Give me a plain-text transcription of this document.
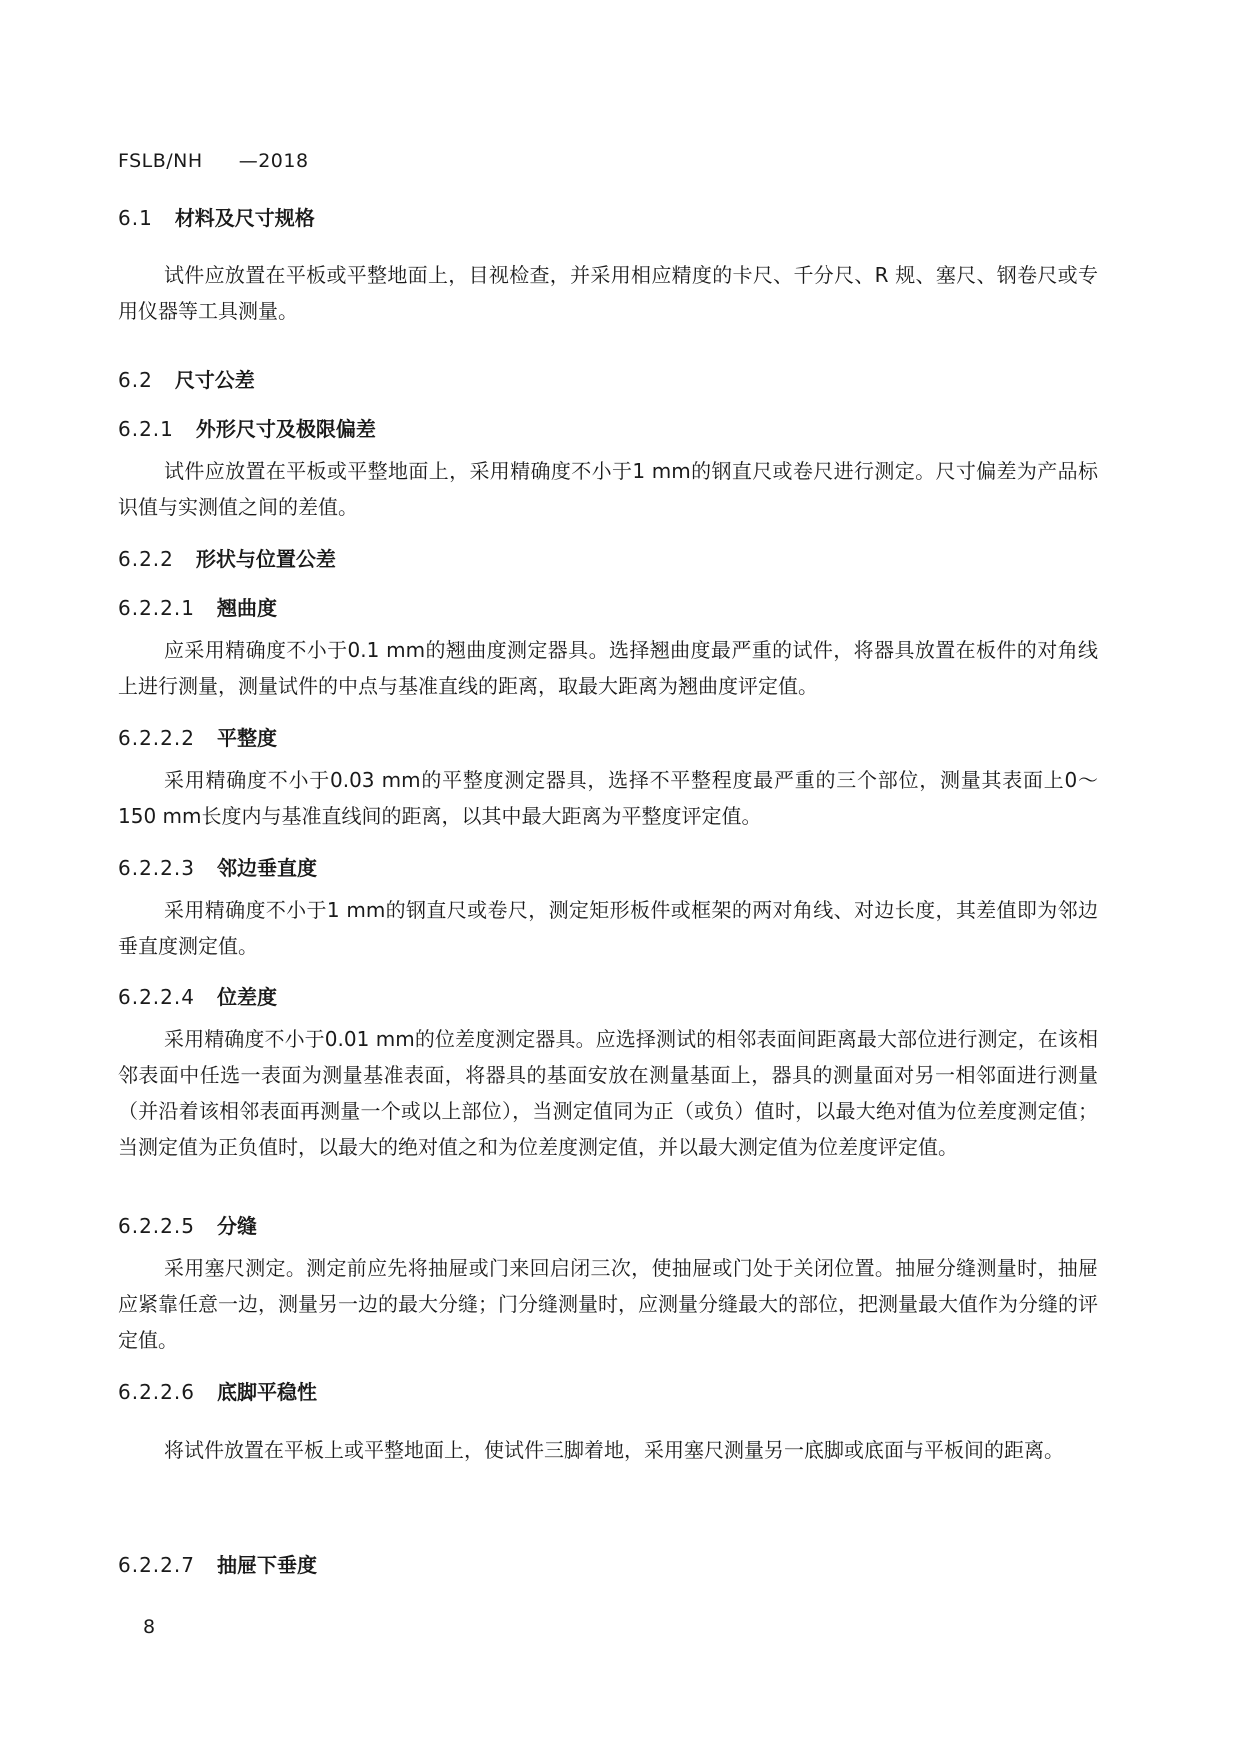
FSLB/NH —2018
6.1 材料及尺寸规格

试件应放置在平板或平整地面上，目视检查，并采用相应精度的卡尺、千分尺、R 规、塞尺、钢卷尺或专用仪器等工具测量。

6.2 尺寸公差
6.2.1 外形尺寸及极限偏差

试件应放置在平板或平整地面上，采用精确度不小于1 mm的钢直尺或卷尺进行测定。尺寸偏差为产品标识值与实测值之间的差值。

6.2.2 形状与位置公差
6.2.2.1 翘曲度

应采用精确度不小于0.1 mm的翘曲度测定器具。选择翘曲度最严重的试件，将器具放置在板件的对角线上进行测量，测量试件的中点与基准直线的距离，取最大距离为翘曲度评定值。

6.2.2.2 平整度

采用精确度不小于0.03 mm的平整度测定器具，选择不平整程度最严重的三个部位，测量其表面上0～150 mm长度内与基准直线间的距离，以其中最大距离为平整度评定值。

6.2.2.3 邻边垂直度

采用精确度不小于1 mm的钢直尺或卷尺，测定矩形板件或框架的两对角线、对边长度，其差值即为邻边垂直度测定值。

6.2.2.4 位差度

采用精确度不小于0.01 mm的位差度测定器具。应选择测试的相邻表面间距离最大部位进行测定，在该相邻表面中任选一表面为测量基准表面，将器具的基面安放在测量基面上，器具的测量面对另一相邻面进行测量（并沿着该相邻表面再测量一个或以上部位），当测定值同为正（或负）值时，以最大绝对值为位差度测定值；当测定值为正负值时，以最大的绝对值之和为位差度测定值，并以最大测定值为位差度评定值。

6.2.2.5 分缝

采用塞尺测定。测定前应先将抽屉或门来回启闭三次，使抽屉或门处于关闭位置。抽屉分缝测量时，抽屉应紧靠任意一边，测量另一边的最大分缝；门分缝测量时，应测量分缝最大的部位，把测量最大值作为分缝的评定值。

6.2.2.6 底脚平稳性

将试件放置在平板上或平整地面上，使试件三脚着地，采用塞尺测量另一底脚或底面与平板间的距离。

6.2.2.7 抽屉下垂度
8
